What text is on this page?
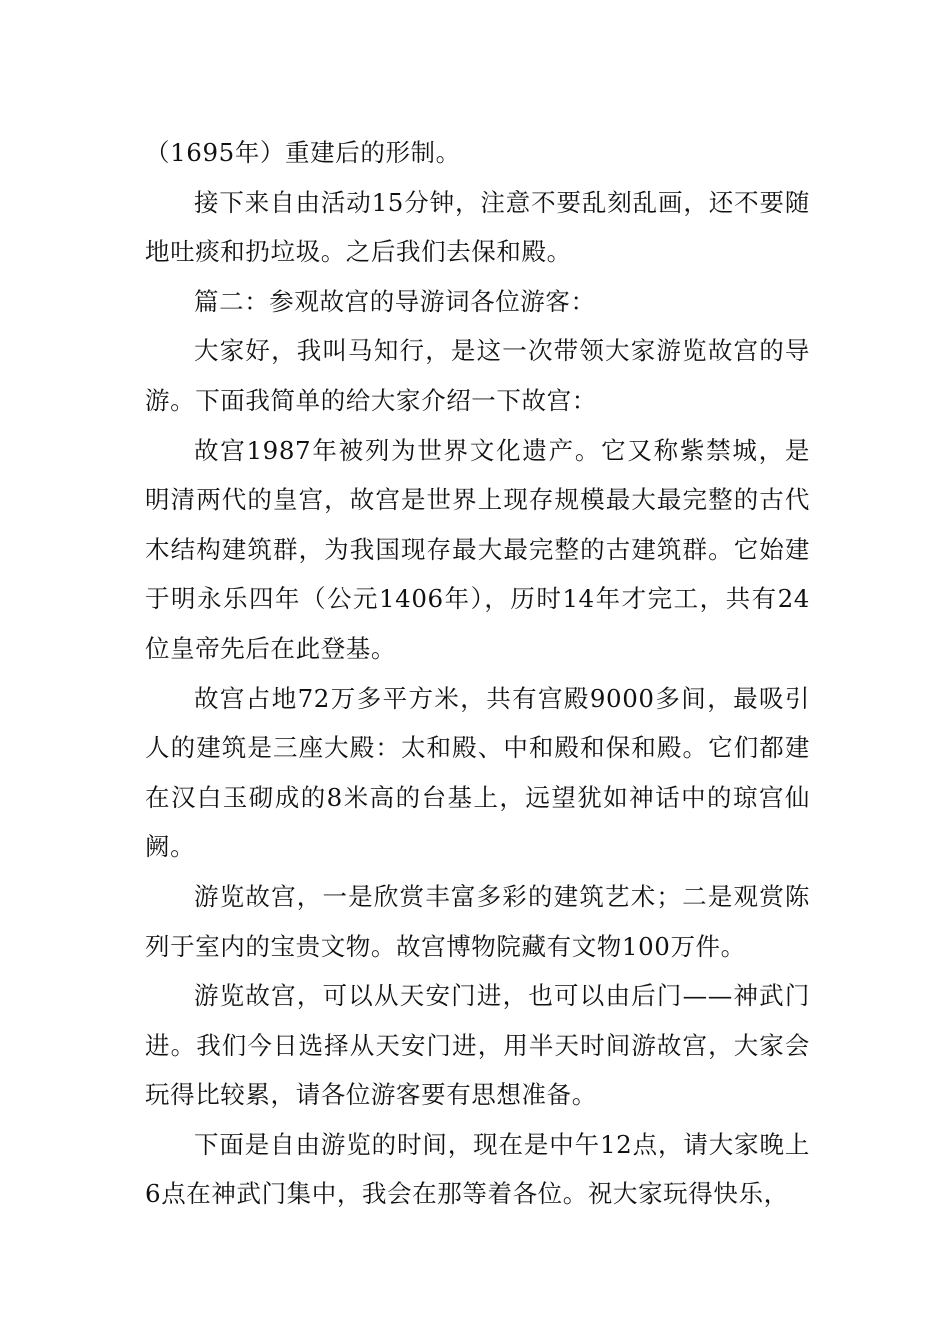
（1695年）重建后的形制。

接下来自由活动15分钟，注意不要乱刻乱画，还不要随地吐痰和扔垃圾。之后我们去保和殿。

篇二：参观故宫的导游词各位游客：

大家好，我叫马知行，是这一次带领大家游览故宫的导游。下面我简单的给大家介绍一下故宫：

故宫1987年被列为世界文化遗产。它又称紫禁城，是明清两代的皇宫，故宫是世界上现存规模最大最完整的古代木结构建筑群，为我国现存最大最完整的古建筑群。它始建于明永乐四年（公元1406年），历时14年才完工，共有24位皇帝先后在此登基。

故宫占地72万多平方米，共有宫殿9000多间，最吸引人的建筑是三座大殿：太和殿、中和殿和保和殿。它们都建在汉白玉砌成的8米高的台基上，远望犹如神话中的琼宫仙阙。

游览故宫，一是欣赏丰富多彩的建筑艺术；二是观赏陈列于室内的宝贵文物。故宫博物院藏有文物100万件。

游览故宫，可以从天安门进，也可以由后门——神武门进。我们今日选择从天安门进，用半天时间游故宫，大家会玩得比较累，请各位游客要有思想准备。

下面是自由游览的时间，现在是中午12点，请大家晚上6点在神武门集中，我会在那等着各位。祝大家玩得快乐，
